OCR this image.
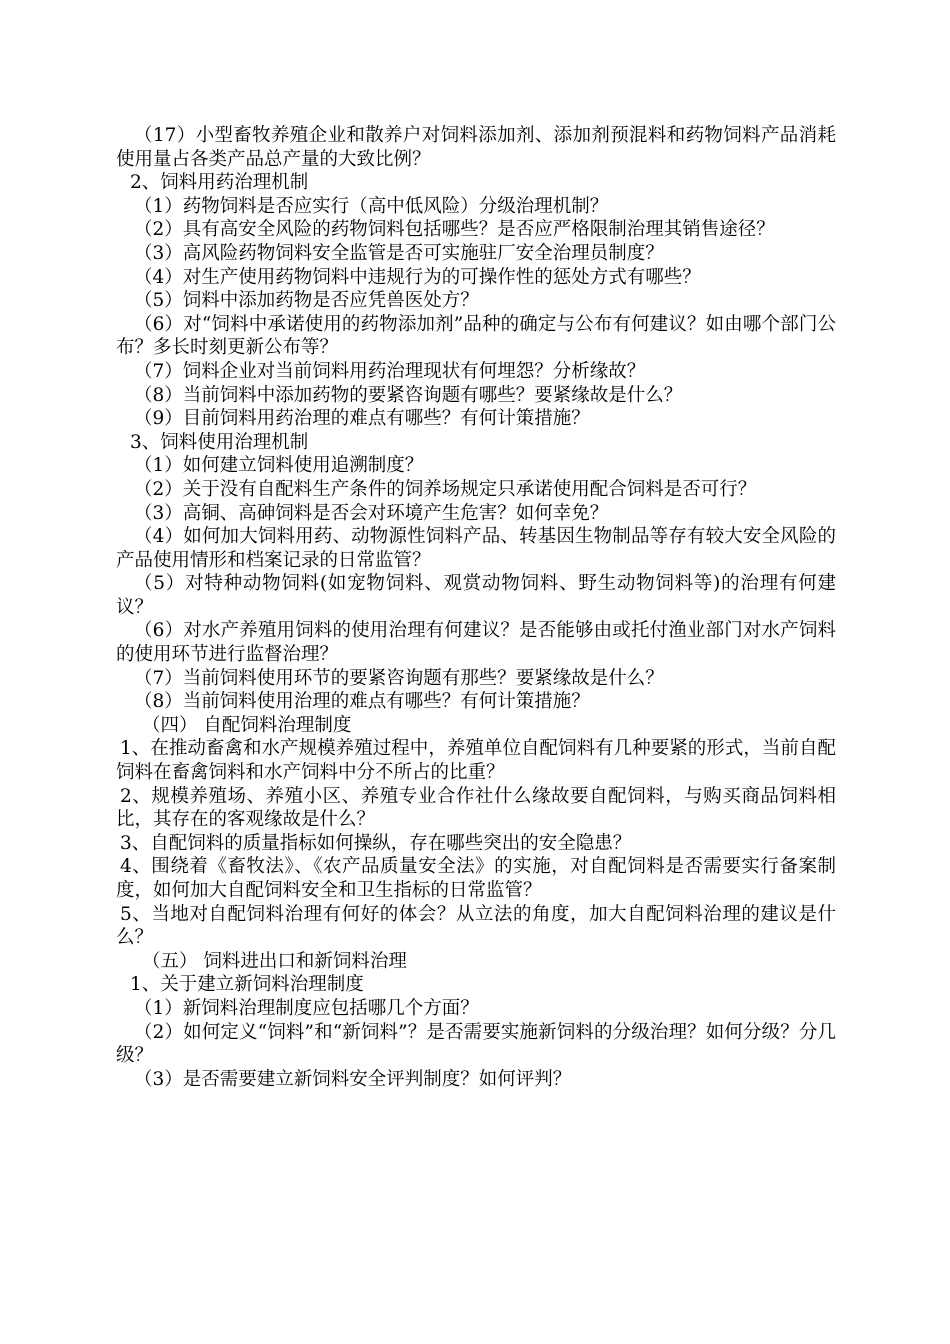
（17）小型畜牧养殖企业和散养户对饲料添加剂、添加剂预混料和药物饲料产品消耗使用量占各类产品总产量的大致比例？

2、饲料用药治理机制

（1）药物饲料是否应实行（高中低风险）分级治理机制？

（2）具有高安全风险的药物饲料包括哪些？是否应严格限制治理其销售途径？

（3）高风险药物饲料安全监管是否可实施驻厂安全治理员制度？

（4）对生产使用药物饲料中违规行为的可操作性的惩处方式有哪些？

（5）饲料中添加药物是否应凭兽医处方？

（6）对“饲料中承诺使用的药物添加剂”品种的确定与公布有何建议？如由哪个部门公布？多长时刻更新公布等？

（7）饲料企业对当前饲料用药治理现状有何埋怨？分析缘故？

（8）当前饲料中添加药物的要紧咨询题有哪些？要紧缘故是什么？

（9）目前饲料用药治理的难点有哪些？有何计策措施？

3、饲料使用治理机制

（1）如何建立饲料使用追溯制度？

（2）关于没有自配料生产条件的饲养场规定只承诺使用配合饲料是否可行？

（3）高铜、高砷饲料是否会对环境产生危害？如何幸免？

（4）如何加大饲料用药、动物源性饲料产品、转基因生物制品等存有较大安全风险的产品使用情形和档案记录的日常监管？

（5）对特种动物饲料(如宠物饲料、观赏动物饲料、野生动物饲料等)的治理有何建议？

（6）对水产养殖用饲料的使用治理有何建议？是否能够由或托付渔业部门对水产饲料的使用环节进行监督治理？

（7）当前饲料使用环节的要紧咨询题有那些？要紧缘故是什么？

（8）当前饲料使用治理的难点有哪些？有何计策措施？

（四） 自配饲料治理制度

1、在推动畜禽和水产规模养殖过程中，养殖单位自配饲料有几种要紧的形式，当前自配饲料在畜禽饲料和水产饲料中分不所占的比重？

2、规模养殖场、养殖小区、养殖专业合作社什么缘故要自配饲料，与购买商品饲料相比，其存在的客观缘故是什么？

3、自配饲料的质量指标如何操纵，存在哪些突出的安全隐患？

4、围绕着《畜牧法》、《农产品质量安全法》的实施，对自配饲料是否需要实行备案制度，如何加大自配饲料安全和卫生指标的日常监管？

5、当地对自配饲料治理有何好的体会？从立法的角度，加大自配饲料治理的建议是什么？

（五） 饲料进出口和新饲料治理

1、关于建立新饲料治理制度

（1）新饲料治理制度应包括哪几个方面？

（2）如何定义“饲料”和“新饲料”？是否需要实施新饲料的分级治理？如何分级？分几级？

（3）是否需要建立新饲料安全评判制度？如何评判？
